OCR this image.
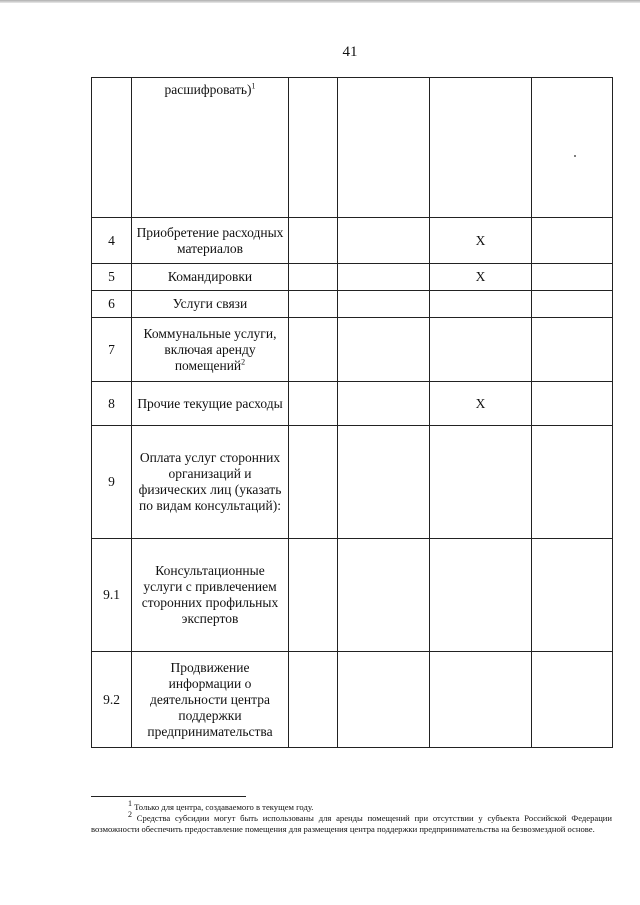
41
	расшифровать)$^1$				
4	Приобретение расходных материалов			X	
5	Командировки			X	
6	Услуги связи				
7	Коммунальные услуги, включая аренду помещений$^2$				
8	Прочие текущие расходы			X	
9	Оплата услуг сторонних организаций и физических лиц (указать по видам консультаций):				
9.1	Консультационные услуги с привлечением сторонних профильных экспертов				
9.2	Продвижение информации о деятельности центра поддержки предпринимательства				

$^1$ Только для центра, создаваемого в текущем году.

$^2$ Средства субсидии могут быть использованы для аренды помещений при отсутствии у субъекта Российской Федерации возможности обеспечить предоставление помещения для размещения центра поддержки предпринимательства на безвозмездной основе.
